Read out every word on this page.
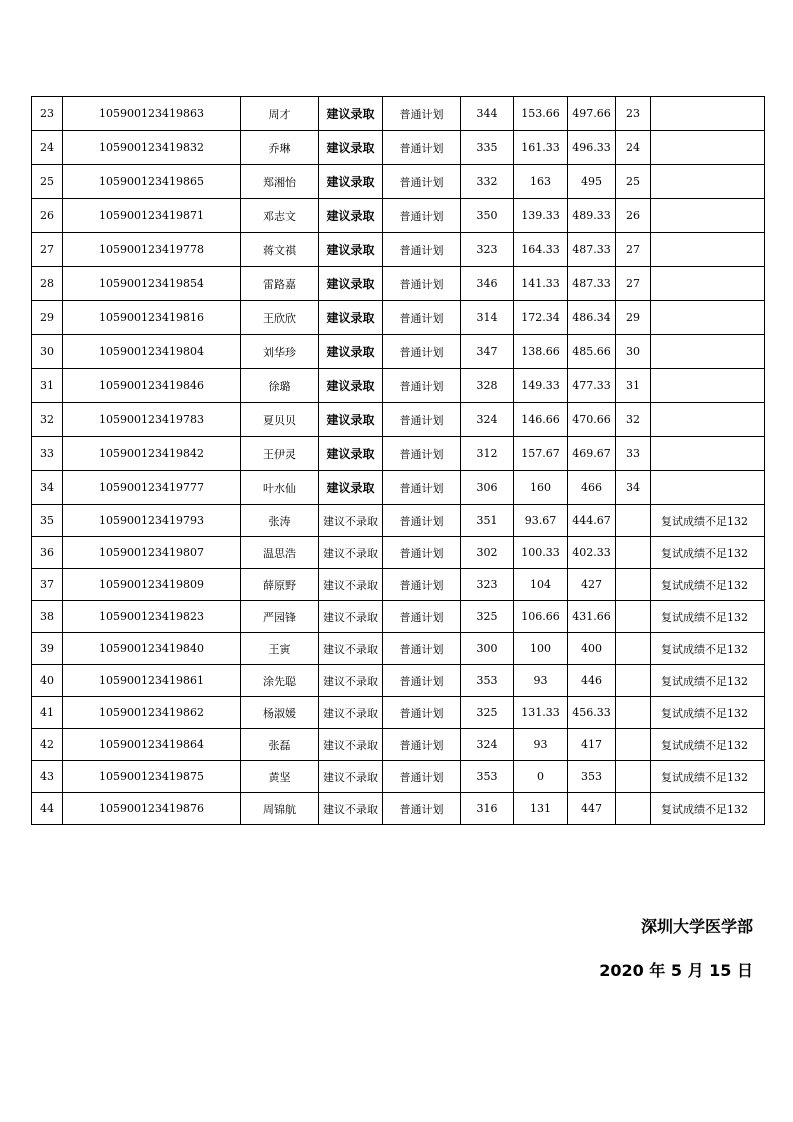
23	105900123419863	周才	建议录取	普通计划	344	153.66	497.66	23	
24	105900123419832	乔琳	建议录取	普通计划	335	161.33	496.33	24	
25	105900123419865	郑湘怡	建议录取	普通计划	332	163	495	25	
26	105900123419871	邓志文	建议录取	普通计划	350	139.33	489.33	26	
27	105900123419778	蒋文祺	建议录取	普通计划	323	164.33	487.33	27	
28	105900123419854	雷路嘉	建议录取	普通计划	346	141.33	487.33	27	
29	105900123419816	王欣欣	建议录取	普通计划	314	172.34	486.34	29	
30	105900123419804	刘华珍	建议录取	普通计划	347	138.66	485.66	30	
31	105900123419846	徐璐	建议录取	普通计划	328	149.33	477.33	31	
32	105900123419783	夏贝贝	建议录取	普通计划	324	146.66	470.66	32	
33	105900123419842	王伊灵	建议录取	普通计划	312	157.67	469.67	33	
34	105900123419777	叶水仙	建议录取	普通计划	306	160	466	34	
35	105900123419793	张涛	建议不录取	普通计划	351	93.67	444.67		复试成绩不足132
36	105900123419807	温思浩	建议不录取	普通计划	302	100.33	402.33		复试成绩不足132
37	105900123419809	薛原野	建议不录取	普通计划	323	104	427		复试成绩不足132
38	105900123419823	严园锋	建议不录取	普通计划	325	106.66	431.66		复试成绩不足132
39	105900123419840	王寅	建议不录取	普通计划	300	100	400		复试成绩不足132
40	105900123419861	涂先聪	建议不录取	普通计划	353	93	446		复试成绩不足132
41	105900123419862	杨淑媛	建议不录取	普通计划	325	131.33	456.33		复试成绩不足132
42	105900123419864	张磊	建议不录取	普通计划	324	93	417		复试成绩不足132
43	105900123419875	黄坚	建议不录取	普通计划	353	0	353		复试成绩不足132
44	105900123419876	周锦航	建议不录取	普通计划	316	131	447		复试成绩不足132
深圳大学医学部
2020 年 5 月 15 日
